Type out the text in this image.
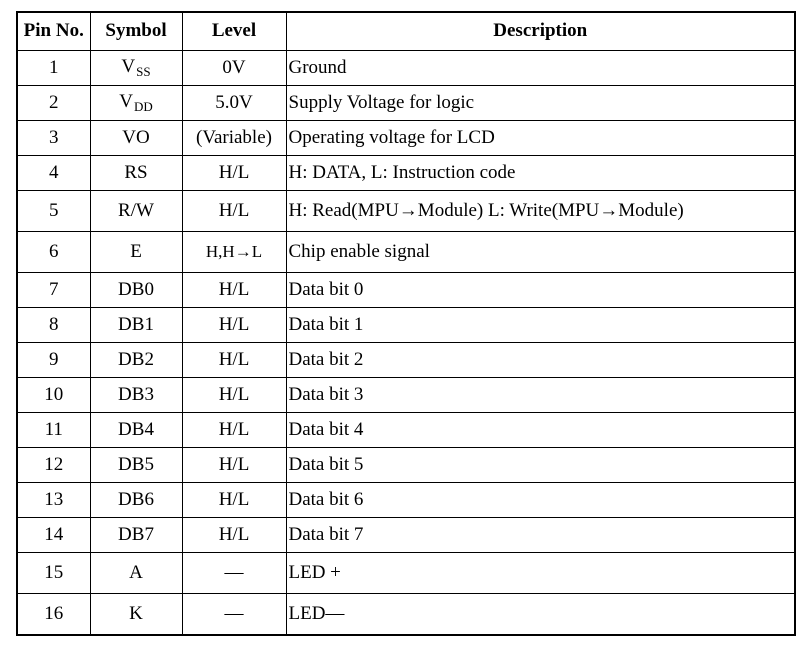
Pin No.	Symbol	Level	Description
1	$V_{SS}$	0V	Ground
2	$V_{DD}$	5.0V	Supply Voltage for logic
3	VO	(Variable)	Operating voltage for LCD
4	RS	H/L	H: DATA, L: Instruction code
5	R/W	H/L	H: Read(MPU→Module) L: Write(MPU→Module)
6	E	H,H→L	Chip enable signal
7	DB0	H/L	Data bit 0
8	DB1	H/L	Data bit 1
9	DB2	H/L	Data bit 2
10	DB3	H/L	Data bit 3
11	DB4	H/L	Data bit 4
12	DB5	H/L	Data bit 5
13	DB6	H/L	Data bit 6
14	DB7	H/L	Data bit 7
15	A	—	LED +
16	K	—	LED—
